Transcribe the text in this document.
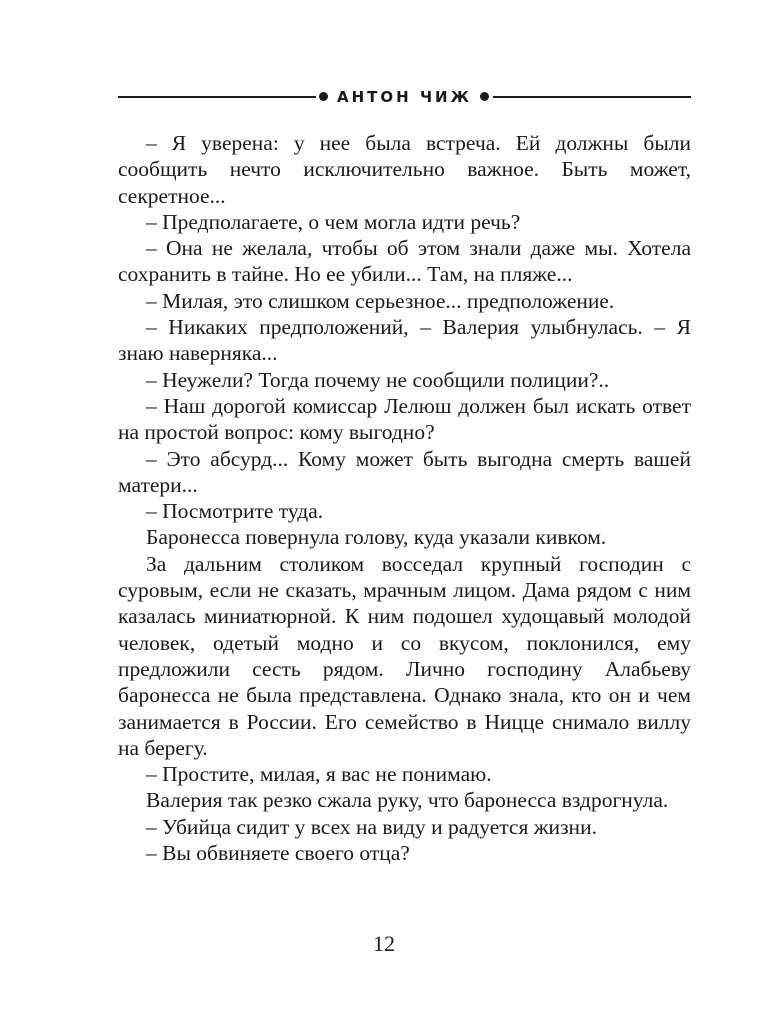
АНТОН ЧИЖ

– Я уверена: у нее была встреча. Ей должны были сообщить нечто исключительно важное. Быть может, секретное...

– Предполагаете, о чем могла идти речь?

– Она не желала, чтобы об этом знали даже мы. Хотела сохранить в тайне. Но ее убили... Там, на пляже...

– Милая, это слишком серьезное... предположение.

– Никаких предположений, – Валерия улыбнулась. – Я знаю наверняка...

– Неужели? Тогда почему не сообщили полиции?..

– Наш дорогой комиссар Лелюш должен был искать ответ на простой вопрос: кому выгодно?

– Это абсурд... Кому может быть выгодна смерть вашей матери...

– Посмотрите туда.

Баронесса повернула голову, куда указали кивком.

За дальним столиком восседал крупный господин с суровым, если не сказать, мрачным лицом. Дама рядом с ним казалась миниатюрной. К ним подошел худощавый молодой человек, одетый модно и со вкусом, поклонился, ему предложили сесть рядом. Лично господину Алабьеву баронесса не была представлена. Однако знала, кто он и чем занимается в России. Его семейство в Ницце снимало виллу на берегу.

– Простите, милая, я вас не понимаю.

Валерия так резко сжала руку, что баронесса вздрогнула.

– Убийца сидит у всех на виду и радуется жизни.

– Вы обвиняете своего отца?

12
